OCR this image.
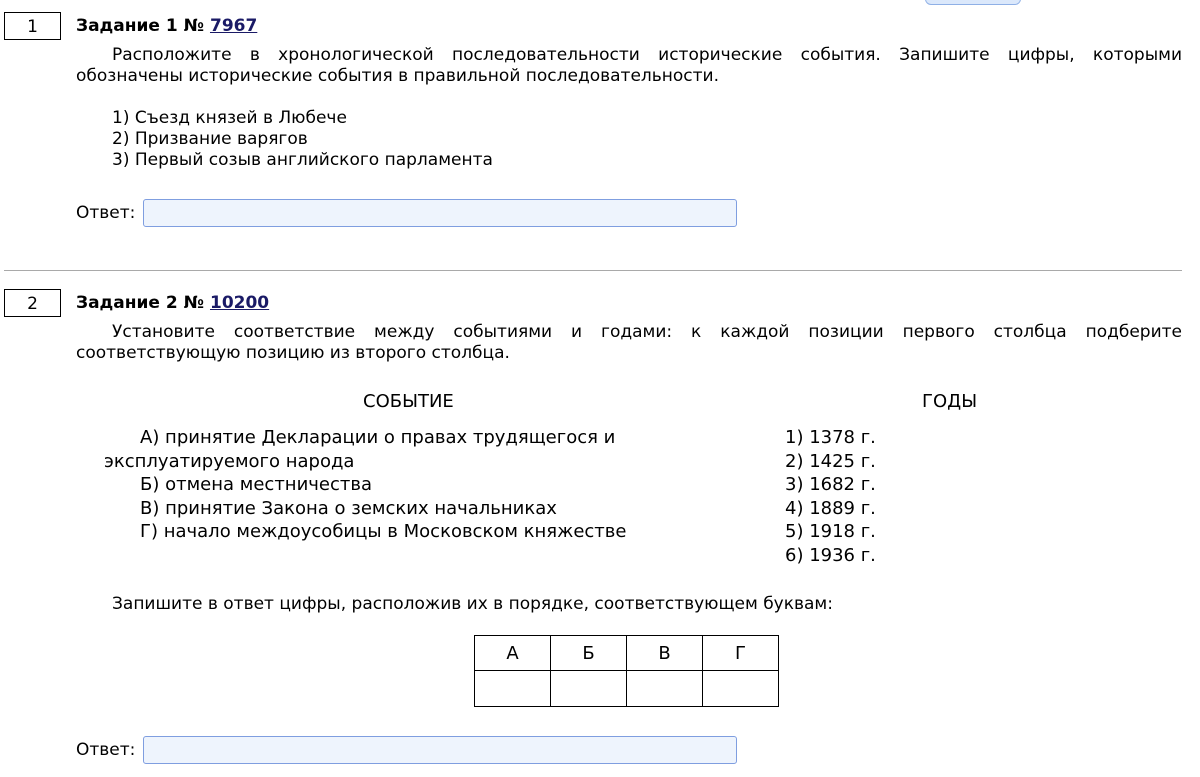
1	Задание 1 № 7967
Расположите в хронологической последовательности исторические события. Запишите цифры, которыми обозначены исторические события в правильной последовательности.
1) Съезд князей в Любече
2) Призвание варягов
3) Первый созыв английского парламента
Ответ:
2	Задание 2 № 10200
Установите соответствие между событиями и годами: к каждой позиции первого столбца подберите соответствующую позицию из второго столбца.
СОБЫТИЕ	ГОДЫ
А) принятие Декларации о правах трудящегося и эксплуатируемого народа
Б) отмена местничества
В) принятие Закона о земских начальниках
Г) начало междоусобицы в Московском княжестве
1) 1378 г.
2) 1425 г.
3) 1682 г.
4) 1889 г.
5) 1918 г.
6) 1936 г.
Запишите в ответ цифры, расположив их в порядке, соответствующем буквам:
А	Б	В	Г

Ответ:
